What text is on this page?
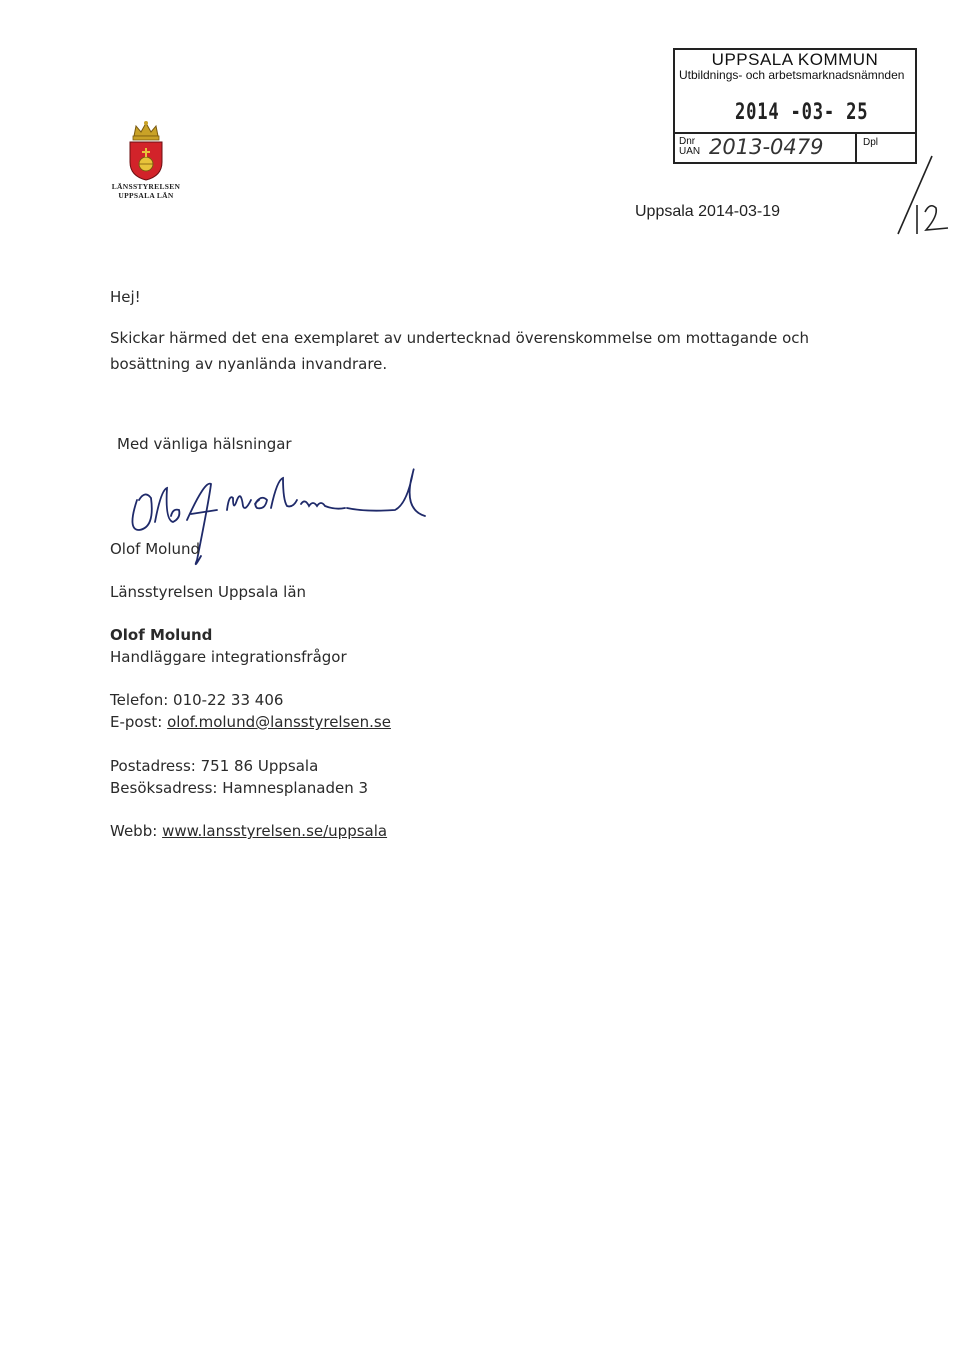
LÄNSSTYRELSEN
UPPSALA LÄN
UPPSALA KOMMUN
Utbildnings- och arbetsmarknadsnämnden
2014 -03- 25
Dnr
UAN 2013-0479	Dpl
Uppsala 2014-03-19
Hej!
Skickar härmed det ena exemplaret av undertecknad överenskommelse om mottagande och bosättning av nyanlända invandrare.
Med vänliga hälsningar
Olof Molund
Länsstyrelsen Uppsala län
Olof Molund
Handläggare integrationsfrågor
Telefon: 010-22 33 406
E-post: olof.molund@lansstyrelsen.se
Postadress: 751 86 Uppsala
Besöksadress: Hamnesplanaden 3
Webb: www.lansstyrelsen.se/uppsala
